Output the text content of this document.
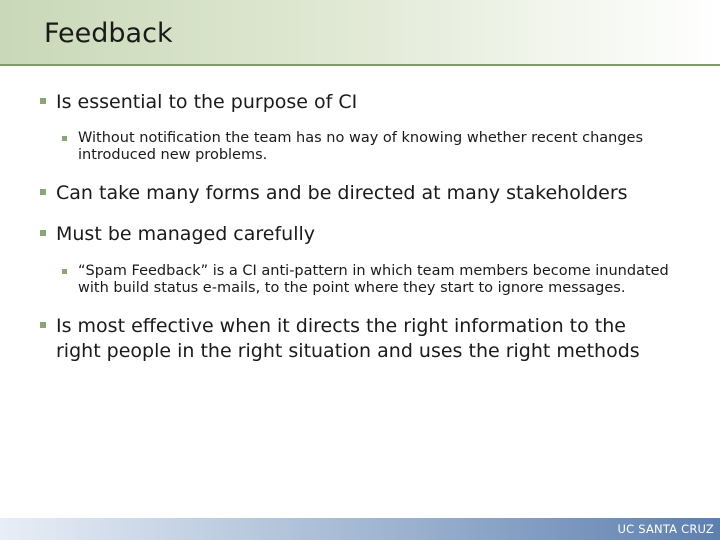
Feedback
Is essential to the purpose of CI
Without notification the team has no way of knowing whether recent changes introduced new problems.
Can take many forms and be directed at many stakeholders
Must be managed carefully
“Spam Feedback” is a CI anti-pattern in which team members become inundated with build status e-mails, to the point where they start to ignore messages.
Is most effective when it directs the right information to the right people in the right situation and uses the right methods
UC SANTA CRUZ
